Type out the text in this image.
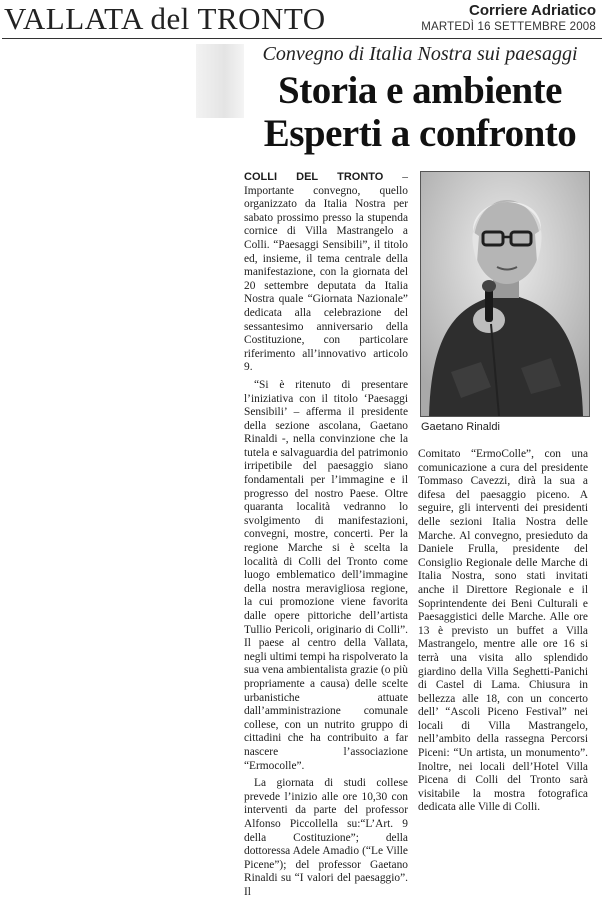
VALLATA del TRONTO	Corriere Adriatico
MARTEDÌ 16 SETTEMBRE 2008
Convegno di Italia Nostra sui paesaggi
Storia e ambiente
Esperti a confronto

COLLI DEL TRONTO – Importante convegno, quello organizzato da Italia Nostra per sabato prossimo presso la stupenda cornice di Villa Mastrangelo a Colli. “Paesaggi Sensibili”, il titolo ed, insieme, il tema centrale della manifestazione, con la giornata del 20 settembre deputata da Italia Nostra quale “Giornata Nazionale” dedicata alla celebrazione del sessantesimo anniversario della Costituzione, con particolare riferimento all’innovativo articolo 9.

“Si è ritenuto di presentare l’iniziativa con il titolo ‘Paesaggi Sensibili’ – afferma il presidente della sezione ascolana, Gaetano Rinaldi -, nella convinzione che la tutela e salvaguardia del patrimonio irripetibile del paesaggio siano fondamentali per l’immagine e il progresso del nostro Paese. Oltre quaranta località vedranno lo svolgimento di manifestazioni, convegni, mostre, concerti. Per la regione Marche si è scelta la località di Colli del Tronto come luogo emblematico dell’immagine della nostra meravigliosa regione, la cui promozione viene favorita dalle opere pittoriche dell’artista Tullio Pericoli, originario di Colli”. Il paese al centro della Vallata, negli ultimi tempi ha rispolverato la sua vena ambientalista grazie (o più propriamente a causa) delle scelte urbanistiche attuate dall’amministrazione comunale collese, con un nutrito gruppo di cittadini che ha contribuito a far nascere l’associazione “Ermocolle”.

La giornata di studi collese prevede l’inizio alle ore 10,30 con interventi da parte del professor Alfonso Piccollella su:“L’Art. 9 della Costituzione”; della dottoressa Adele Amadio (“Le Ville Picene”); del professor Gaetano Rinaldi su “I valori del paesaggio”. Il

Gaetano Rinaldi

Comitato “ErmoColle”, con una comunicazione a cura del presidente Tommaso Cavezzi, dirà la sua a difesa del paesaggio piceno. A seguire, gli interventi dei presidenti delle sezioni Italia Nostra delle Marche. Al convegno, presieduto da Daniele Frulla, presidente del Consiglio Regionale delle Marche di Italia Nostra, sono stati invitati anche il Direttore Regionale e il Soprintendente dei Beni Culturali e Paesaggistici delle Marche. Alle ore 13 è previsto un buffet a Villa Mastrangelo, mentre alle ore 16 si terrà una visita allo splendido giardino della Villa Seghetti-Panichi di Castel di Lama. Chiusura in bellezza alle 18, con un concerto dell’ “Ascoli Piceno Festival” nei locali di Villa Mastrangelo, nell’ambito della rassegna Percorsi Piceni: “Un artista, un monumento”. Inoltre, nei locali dell’Hotel Villa Picena di Colli del Tronto sarà visitabile la mostra fotografica dedicata alle Ville di Colli.
